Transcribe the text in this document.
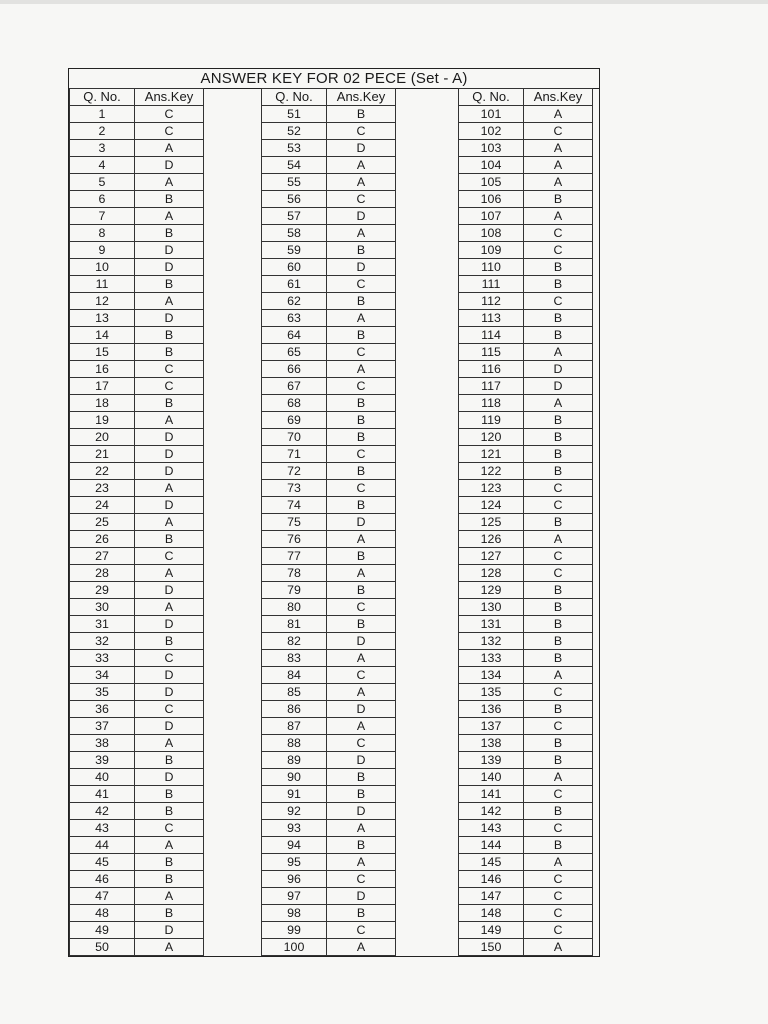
ANSWER KEY FOR 02 PECE (Set - A)
Q. No.	Ans.Key
1	C
2	C
3	A
4	D
5	A
6	B
7	A
8	B
9	D
10	D
11	B
12	A
13	D
14	B
15	B
16	C
17	C
18	B
19	A
20	D
21	D
22	D
23	A
24	D
25	A
26	B
27	C
28	A
29	D
30	A
31	D
32	B
33	C
34	D
35	D
36	C
37	D
38	A
39	B
40	D
41	B
42	B
43	C
44	A
45	B
46	B
47	A
48	B
49	D
50	A
Q. No.	Ans.Key
51	B
52	C
53	D
54	A
55	A
56	C
57	D
58	A
59	B
60	D
61	C
62	B
63	A
64	B
65	C
66	A
67	C
68	B
69	B
70	B
71	C
72	B
73	C
74	B
75	D
76	A
77	B
78	A
79	B
80	C
81	B
82	D
83	A
84	C
85	A
86	D
87	A
88	C
89	D
90	B
91	B
92	D
93	A
94	B
95	A
96	C
97	D
98	B
99	C
100	A
Q. No.	Ans.Key
101	A
102	C
103	A
104	A
105	A
106	B
107	A
108	C
109	C
110	B
111	B
112	C
113	B
114	B
115	A
116	D
117	D
118	A
119	B
120	B
121	B
122	B
123	C
124	C
125	B
126	A
127	C
128	C
129	B
130	B
131	B
132	B
133	B
134	A
135	C
136	B
137	C
138	B
139	B
140	A
141	C
142	B
143	C
144	B
145	A
146	C
147	C
148	C
149	C
150	A
